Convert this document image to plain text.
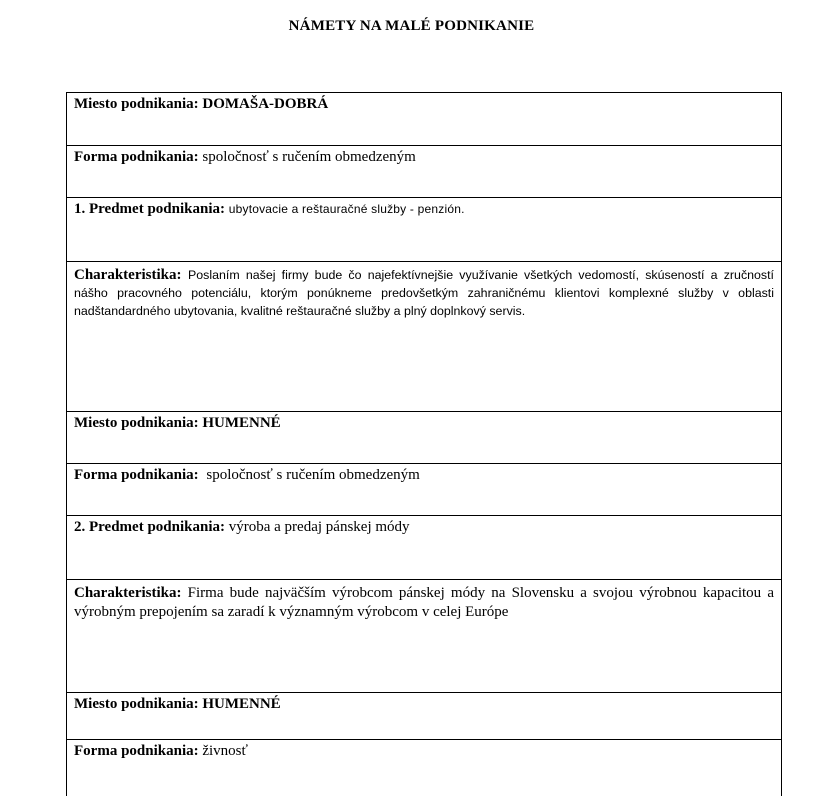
NÁMETY NA MALÉ PODNIKANIE
Miesto podnikania: DOMAŠA-DOBRÁ
Forma podnikania: spoločnosť s ručením obmedzeným
1. Predmet podnikania: ubytovacie a reštauračné služby - penzión.
Charakteristika: Poslaním našej firmy bude čo najefektívnejšie využívanie všetkých vedomostí, skúseností a zručností nášho pracovného potenciálu, ktorým ponúkneme predovšetkým zahraničnému klientovi komplexné služby v oblasti nadštandardného ubytovania, kvalitné reštauračné služby a plný doplnkový servis.
Miesto podnikania: HUMENNÉ
Forma podnikania: spoločnosť s ručením obmedzeným
2. Predmet podnikania: výroba a predaj pánskej módy
Charakteristika: Firma bude najväčším výrobcom pánskej módy na Slovensku a svojou výrobnou kapacitou a výrobným prepojením sa zaradí k významným výrobcom v celej Európe
Miesto podnikania: HUMENNÉ
Forma podnikania: živnosť
